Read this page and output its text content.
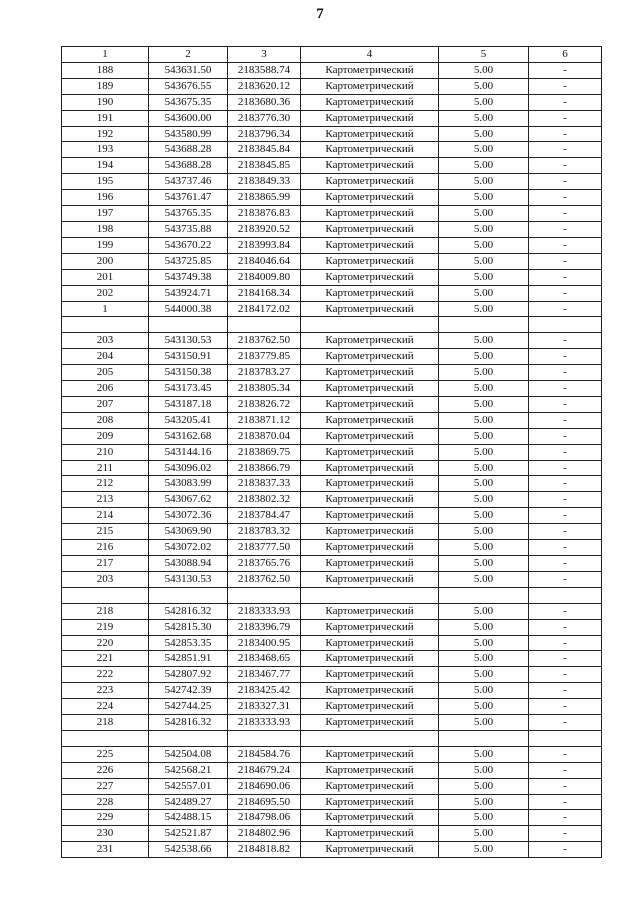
7
1	2	3	4	5	6
188	543631.50	2183588.74	Картометрический	5.00	-
189	543676.55	2183620.12	Картометрический	5.00	-
190	543675.35	2183680.36	Картометрический	5.00	-
191	543600.00	2183776.30	Картометрический	5.00	-
192	543580.99	2183796.34	Картометрический	5.00	-
193	543688.28	2183845.84	Картометрический	5.00	-
194	543688.28	2183845.85	Картометрический	5.00	-
195	543737.46	2183849.33	Картометрический	5.00	-
196	543761.47	2183865.99	Картометрический	5.00	-
197	543765.35	2183876.83	Картометрический	5.00	-
198	543735.88	2183920.52	Картометрический	5.00	-
199	543670.22	2183993.84	Картометрический	5.00	-
200	543725.85	2184046.64	Картометрический	5.00	-
201	543749.38	2184009.80	Картометрический	5.00	-
202	543924.71	2184168.34	Картометрический	5.00	-
1	544000.38	2184172.02	Картометрический	5.00	-

203	543130.53	2183762.50	Картометрический	5.00	-
204	543150.91	2183779.85	Картометрический	5.00	-
205	543150.38	2183783.27	Картометрический	5.00	-
206	543173.45	2183805.34	Картометрический	5.00	-
207	543187.18	2183826.72	Картометрический	5.00	-
208	543205.41	2183871.12	Картометрический	5.00	-
209	543162.68	2183870.04	Картометрический	5.00	-
210	543144.16	2183869.75	Картометрический	5.00	-
211	543096.02	2183866.79	Картометрический	5.00	-
212	543083.99	2183837.33	Картометрический	5.00	-
213	543067.62	2183802.32	Картометрический	5.00	-
214	543072.36	2183784.47	Картометрический	5.00	-
215	543069.90	2183783.32	Картометрический	5.00	-
216	543072.02	2183777.50	Картометрический	5.00	-
217	543088.94	2183765.76	Картометрический	5.00	-
203	543130.53	2183762.50	Картометрический	5.00	-

218	542816.32	2183333.93	Картометрический	5.00	-
219	542815.30	2183396.79	Картометрический	5.00	-
220	542853.35	2183400.95	Картометрический	5.00	-
221	542851.91	2183468.65	Картометрический	5.00	-
222	542807.92	2183467.77	Картометрический	5.00	-
223	542742.39	2183425.42	Картометрический	5.00	-
224	542744.25	2183327.31	Картометрический	5.00	-
218	542816.32	2183333.93	Картометрический	5.00	-

225	542504.08	2184584.76	Картометрический	5.00	-
226	542568.21	2184679.24	Картометрический	5.00	-
227	542557.01	2184690.06	Картометрический	5.00	-
228	542489.27	2184695.50	Картометрический	5.00	-
229	542488.15	2184798.06	Картометрический	5.00	-
230	542521.87	2184802.96	Картометрический	5.00	-
231	542538.66	2184818.82	Картометрический	5.00	-
